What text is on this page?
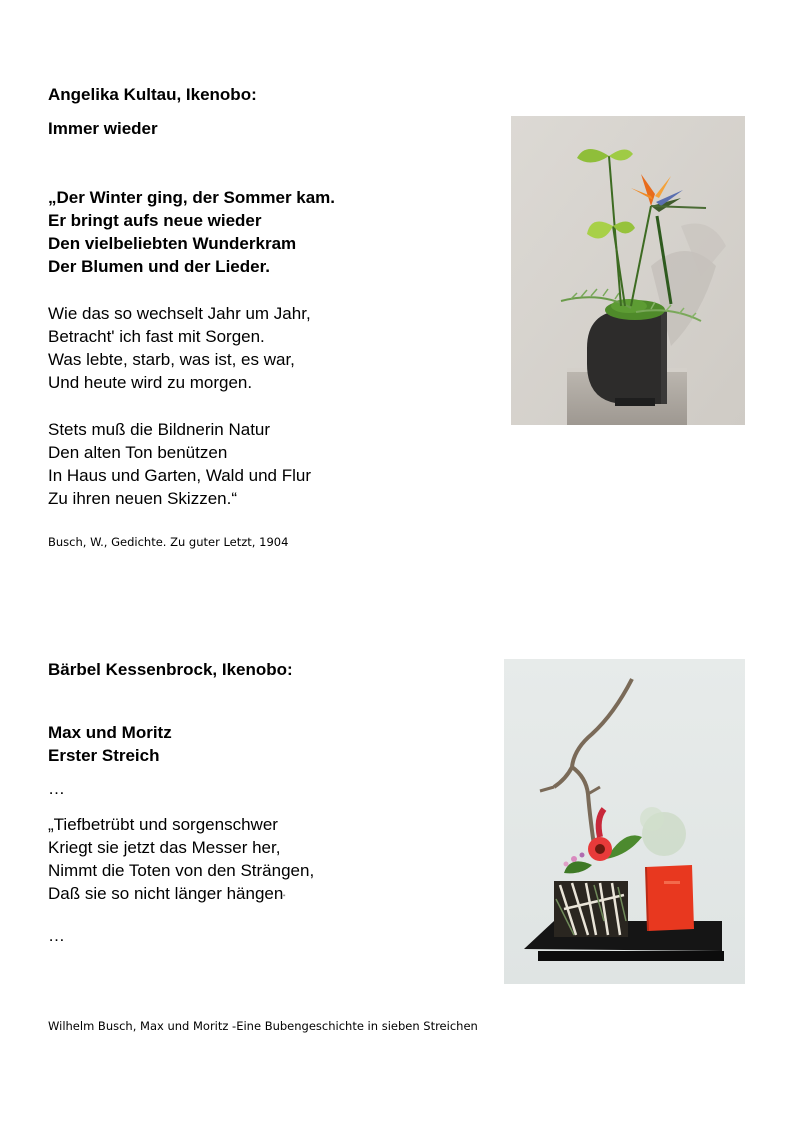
Angelika Kultau, Ikenobo:
Immer wieder
„Der Winter ging, der Sommer kam.
Er bringt aufs neue wieder
Den vielbeliebten Wunderkram
Der Blumen und der Lieder.
Wie das so wechselt Jahr um Jahr,
Betracht' ich fast mit Sorgen.
Was lebte, starb, was ist, es war,
Und heute wird zu morgen.
Stets muß die Bildnerin Natur
Den alten Ton benützen
In Haus und Garten, Wald und Flur
Zu ihren neuen Skizzen.“
Busch, W., Gedichte. Zu guter Letzt, 1904
Bärbel Kessenbrock, Ikenobo:
Max und Moritz
Erster Streich
…
„Tiefbetrübt und sorgenschwer
Kriegt sie jetzt das Messer her,
Nimmt die Toten von den Strängen,
Daß sie so nicht länger hängen“
…
Wilhelm Busch, Max und Moritz -Eine Bubengeschichte in sieben Streichen
